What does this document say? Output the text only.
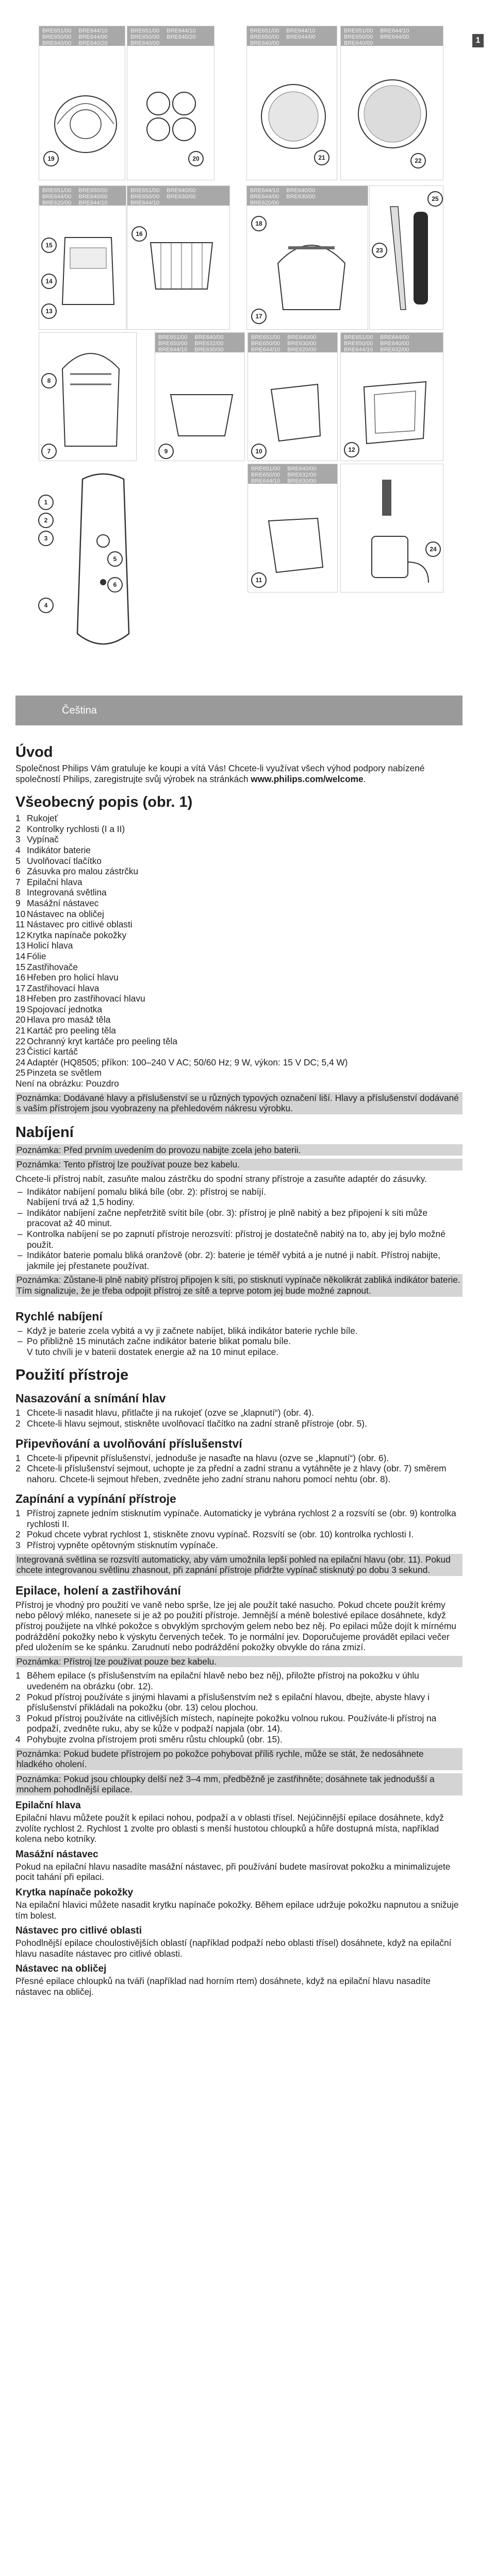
1
BRE651/00
BRE650/00
BRE640/00
BRE644/10
BRE644/00
BRE640/20
19
BRE651/00
BRE650/00
BRE640/00
BRE644/10
BRE640/20
20
BRE651/00
BRE650/00
BRE640/00
BRE644/10
BRE644/00
21
BRE651/00
BRE650/00
BRE640/00
BRE644/10
BRE644/00
22
BRE651/00
BRE644/00
BRE620/00
BRE650/00
BRE640/00
BRE644/10
15
14
13
BRE651/00
BRE650/00
BRE644/10
BRE640/00
BRE630/00
16
BRE644/10
BRE644/00
BRE620/00
BRE640/00
BRE630/00
18
17
23
25
8
7
BRE651/00
BRE650/00
BRE644/10
BRE640/00
BRE632/00
BRE630/00
9
BRE651/00
BRE650/00
BRE644/10
BRE640/00
BRE630/00
BRE620/00
10
BRE651/00
BRE650/00
BRE644/10
BRE644/00
BRE640/00
BRE632/00
12
1
2
3
4
5
6
BRE651/00
BRE650/00
BRE644/10
BRE640/00
BRE632/00
BRE630/00
11
24
Čeština
Úvod

Společnost Philips Vám gratuluje ke koupi a vítá Vás! Chcete-li využívat všech výhod podpory nabízené společností Philips, zaregistrujte svůj výrobek na stránkách www.philips.com/welcome.

Všeobecný popis (obr. 1)
1 Rukojeť
2 Kontrolky rychlosti (I a II)
3 Vypínač
4 Indikátor baterie
5 Uvolňovací tlačítko
6 Zásuvka pro malou zástrčku
7 Epilační hlava
8 Integrovaná světlina
9 Masážní nástavec
10 Nástavec na obličej
11 Nástavec pro citlivé oblasti
12 Krytka napínače pokožky
13 Holicí hlava
14 Fólie
15 Zastřihovače
16 Hřeben pro holicí hlavu
17 Zastřihovací hlava
18 Hřeben pro zastřihovací hlavu
19 Spojovací jednotka
20 Hlava pro masáž těla
21 Kartáč pro peeling těla
22 Ochranný kryt kartáče pro peeling těla
23 Čisticí kartáč
24 Adaptér (HQ8505; příkon: 100–240 V AC; 50/60 Hz; 9 W, výkon: 15 V DC; 5,4 W)
25 Pinzeta se světlem

Není na obrázku: Pouzdro

Poznámka: Dodávané hlavy a příslušenství se u různých typových označení liší. Hlavy a příslušenství dodávané s vaším přístrojem jsou vyobrazeny na přehledovém nákresu výrobku.
Nabíjení
Poznámka: Před prvním uvedením do provozu nabijte zcela jeho baterii.
Poznámka: Tento přístroj lze používat pouze bez kabelu.

Chcete-li přístroj nabít, zasuňte malou zástrčku do spodní strany přístroje a zasuňte adaptér do zásuvky.

– Indikátor nabíjení pomalu bliká bíle (obr. 2): přístroj se nabíjí.
Nabíjení trvá až 1,5 hodiny.
– Indikátor nabíjení začne nepřetržitě svítit bíle (obr. 3): přístroj je plně nabitý a bez připojení k síti může pracovat až 40 minut.
– Kontrolka nabíjení se po zapnutí přístroje nerozsvítí: přístroj je dostatečně nabitý na to, aby jej bylo možné použít.
– Indikátor baterie pomalu bliká oranžově (obr. 2): baterie je téměř vybitá a je nutné ji nabít. Přístroj nabijte, jakmile jej přestanete používat.
Poznámka: Zůstane-li plně nabitý přístroj připojen k síti, po stisknutí vypínače několikrát zabliká indikátor baterie. Tím signalizuje, že je třeba odpojit přístroj ze sítě a teprve potom jej bude možné zapnout.
Rychlé nabíjení
– Když je baterie zcela vybitá a vy ji začnete nabíjet, bliká indikátor baterie rychle bíle.
– Po přibližně 15 minutách začne indikátor baterie blikat pomalu bíle.
V tuto chvíli je v baterii dostatek energie až na 10 minut epilace.
Použití přístroje
Nasazování a snímání hlav
1 Chcete-li nasadit hlavu, přitlačte ji na rukojeť (ozve se „klapnutí“) (obr. 4).
2 Chcete-li hlavu sejmout, stiskněte uvolňovací tlačítko na zadní straně přístroje (obr. 5).
Připevňování a uvolňování příslušenství
1 Chcete-li připevnit příslušenství, jednoduše je nasaďte na hlavu (ozve se „klapnutí“) (obr. 6).
2 Chcete-li příslušenství sejmout, uchopte je za přední a zadní stranu a vytáhněte je z hlavy (obr. 7) směrem nahoru. Chcete-li sejmout hřeben, zvedněte jeho zadní stranu nahoru pomocí nehtu (obr. 8).
Zapínání a vypínání přístroje
1 Přístroj zapnete jedním stisknutím vypínače. Automaticky je vybrána rychlost 2 a rozsvítí se (obr. 9) kontrolka rychlosti II.
2 Pokud chcete vybrat rychlost 1, stiskněte znovu vypínač. Rozsvítí se (obr. 10) kontrolka rychlosti I.
3 Přístroj vypněte opětovným stisknutím vypínače.
Integrovaná světlina se rozsvítí automaticky, aby vám umožnila lepší pohled na epilační hlavu (obr. 11). Pokud chcete integrovanou světlinu zhasnout, při zapnání přístroje přidržte vypínač stisknutý po dobu 3 sekund.
Epilace, holení a zastřihování

Přístroj je vhodný pro použití ve vaně nebo sprše, lze jej ale použít také nasucho. Pokud chcete použít krémy nebo pělový mléko, nanesete si je až po použití přístroje. Jemnější a méně bolestivé epilace dosáhnete, když přístroj použijete na vlhké pokožce s obvyklým sprchovým gelem nebo bez něj. Po epilaci může dojít k mírnému podráždění pokožky nebo k výskytu červených teček. To je normální jev. Doporučujeme provádět epilaci večer před uložením se ke spánku. Zarudnutí nebo podráždění pokožky obvykle do rána zmizí.

Poznámka: Přístroj lze používat pouze bez kabelu.
1 Během epilace (s příslušenstvím na epilační hlavě nebo bez něj), přiložte přístroj na pokožku v úhlu uvedeném na obrázku (obr. 12).
2 Pokud přístroj používáte s jinými hlavami a příslušenstvím než s epilační hlavou, dbejte, abyste hlavy i příslušenství přikládali na pokožku (obr. 13) celou plochou.
3 Pokud přístroj používáte na citlivějších místech, napínejte pokožku volnou rukou. Používáte-li přístroj na podpaží, zvedněte ruku, aby se kůže v podpaží napjala (obr. 14).
4 Pohybujte zvolna přístrojem proti směru růstu chloupků (obr. 15).
Poznámka: Pokud budete přístrojem po pokožce pohybovat příliš rychle, může se stát, že nedosáhnete hladkého oholení.
Poznámka: Pokud jsou chloupky delší než 3–4 mm, předběžně je zastřihněte; dosáhnete tak jednodušší a mnohem pohodlnější epilace.
Epilační hlava

Epilační hlavu můžete použít k epilaci nohou, podpaží a v oblasti třísel. Nejúčinnější epilace dosáhnete, když zvolíte rychlost 2. Rychlost 1 zvolte pro oblasti s menší hustotou chloupků a hůře dostupná místa, například kolena nebo kotníky.

Masážní nástavec

Pokud na epilační hlavu nasadíte masážní nástavec, při používání budete masírovat pokožku a minimalizujete pocit tahání při epilaci.

Krytka napínače pokožky

Na epilační hlavici můžete nasadit krytku napínače pokožky. Během epilace udržuje pokožku napnutou a snižuje tím bolest.

Nástavec pro citlivé oblasti

Pohodlnější epilace choulostivějších oblastí (například podpaží nebo oblasti třísel) dosáhnete, když na epilační hlavu nasadíte nástavec pro citlivé oblasti.

Nástavec na obličej

Přesné epilace chloupků na tváři (například nad horním rtem) dosáhnete, když na epilační hlavu nasadíte nástavec na obličej.
